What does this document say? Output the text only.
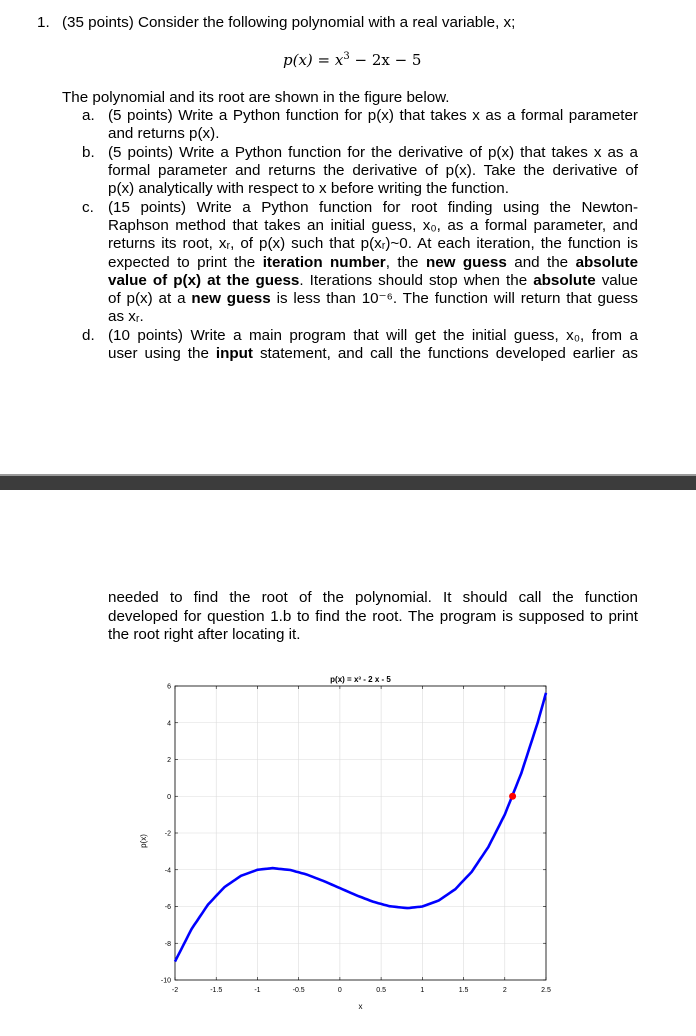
1. (35 points) Consider the following polynomial with a real variable, x;
$p(x) = x^3 - 2x - 5$
The polynomial and its root are shown in the figure below.
a. (5 points) Write a Python function for p(x) that takes x as a formal parameter
and returns p(x).
b. (5 points) Write a Python function for the derivative of p(x) that takes x as a
formal parameter and returns the derivative of p(x). Take the derivative of
p(x) analytically with respect to x before writing the function.
c. (15 points) Write a Python function for root finding using the Newton-
Raphson method that takes an initial guess, x₀, as a formal parameter, and
returns its root, xᵣ, of p(x) such that p(xᵣ)~0. At each iteration, the function is
expected to print the iteration number, the new guess and the absolute
value of p(x) at the guess. Iterations should stop when the absolute value
of p(x) at a new guess is less than 10⁻⁶. The function will return that guess
as xᵣ.
d. (10 points) Write a main program that will get the initial guess, x₀, from a
user using the input statement, and call the functions developed earlier as
needed to find the root of the polynomial. It should call the function
developed for question 1.b to find the root. The program is supposed to print
the root right after locating it.
-2	-1.5	-1	-0.5	0	0.5	1	1.5	2	2.5
-10
-8
-6
-4
-2
0
2
4
6
p(x) = x³ - 2 x - 5
x
p(x)
